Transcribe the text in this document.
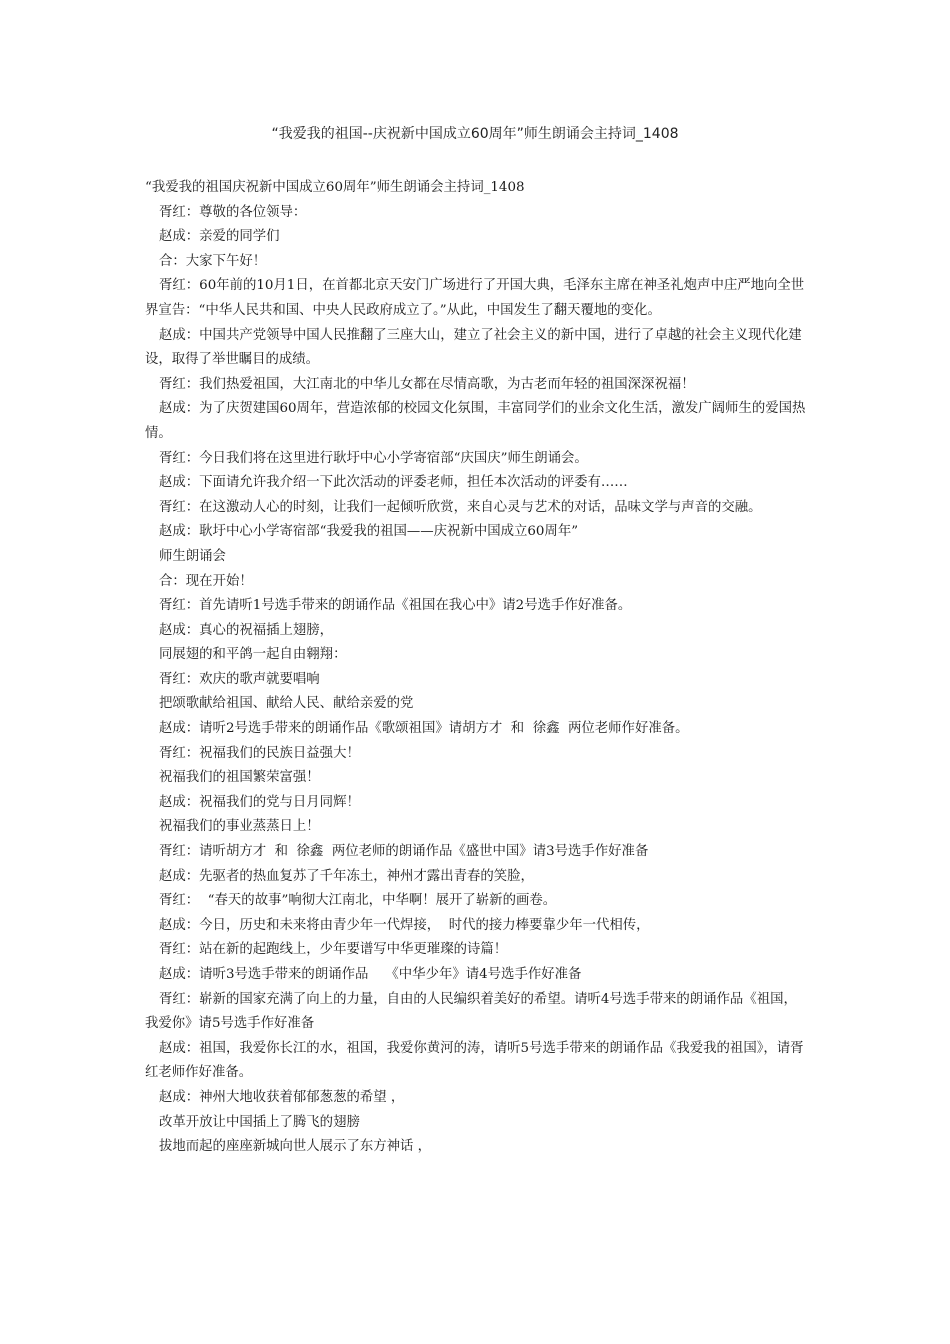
“我爱我的祖国--庆祝新中国成立60周年”师生朗诵会主持词_1408

“我爱我的祖国庆祝新中国成立60周年”师生朗诵会主持词_1408

胥红：尊敬的各位领导：

赵成：亲爱的同学们

合：大家下午好！

胥红：60年前的10月1日，在首都北京天安门广场进行了开国大典，毛泽东主席在神圣礼炮声中庄严地向全世界宣告：“中华人民共和国、中央人民政府成立了。”从此，中国发生了翻天覆地的变化。

赵成：中国共产党领导中国人民推翻了三座大山，建立了社会主义的新中国，进行了卓越的社会主义现代化建设，取得了举世瞩目的成绩。

胥红：我们热爱祖国，大江南北的中华儿女都在尽情高歌，为古老而年轻的祖国深深祝福！

赵成：为了庆贺建国60周年，营造浓郁的校园文化氛围，丰富同学们的业余文化生活，激发广阔师生的爱国热情。

胥红：今日我们将在这里进行耿圩中心小学寄宿部“庆国庆”师生朗诵会。

赵成：下面请允许我介绍一下此次活动的评委老师，担任本次活动的评委有……

胥红：在这激动人心的时刻，让我们一起倾听欣赏，来自心灵与艺术的对话，品味文学与声音的交融。

赵成：耿圩中心小学寄宿部“我爱我的祖国——庆祝新中国成立60周年”

师生朗诵会

合：现在开始！

胥红：首先请听1号选手带来的朗诵作品《祖国在我心中》请2号选手作好准备。

赵成：真心的祝福插上翅膀，

同展翅的和平鸽一起自由翱翔：

胥红：欢庆的歌声就要唱响

把颂歌献给祖国、献给人民、献给亲爱的党

赵成：请听2号选手带来的朗诵作品《歌颂祖国》请胡方才  和  徐鑫  两位老师作好准备。

胥红：祝福我们的民族日益强大！

祝福我们的祖国繁荣富强！

赵成：祝福我们的党与日月同辉！

祝福我们的事业蒸蒸日上！

胥红：请听胡方才  和  徐鑫  两位老师的朗诵作品《盛世中国》请3号选手作好准备

赵成：先驱者的热血复苏了千年冻土，神州才露出青春的笑脸，

胥红：  “春天的故事”响彻大江南北，中华啊！展开了崭新的画卷。

赵成：今日，历史和未来将由青少年一代焊接，  时代的接力棒要靠少年一代相传，

胥红：站在新的起跑线上，少年要谱写中华更璀璨的诗篇！

赵成：请听3号选手带来的朗诵作品    《中华少年》请4号选手作好准备

胥红：崭新的国家充满了向上的力量，自由的人民编织着美好的希望。请听4号选手带来的朗诵作品《祖国，我爱你》请5号选手作好准备

赵成：祖国，我爱你长江的水，祖国，我爱你黄河的涛，请听5号选手带来的朗诵作品《我爱我的祖国》，请胥红老师作好准备。

赵成：神州大地收获着郁郁葱葱的希望 ，

改革开放让中国插上了腾飞的翅膀

拔地而起的座座新城向世人展示了东方神话 ，
